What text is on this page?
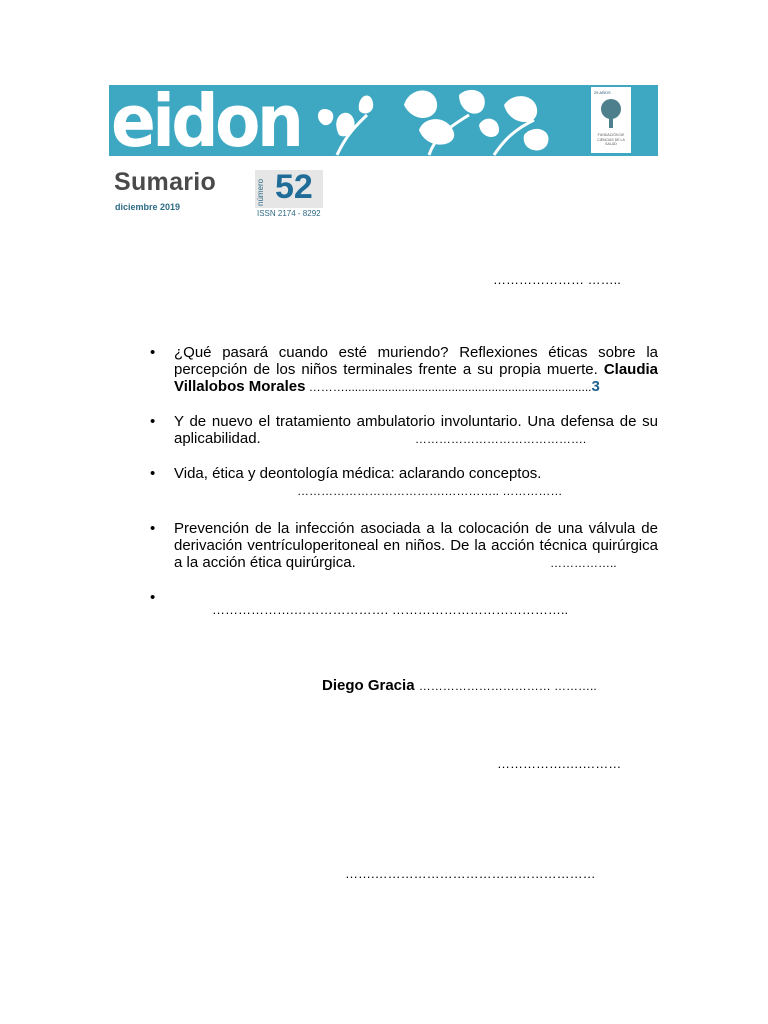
eidon	25 AÑOS
FUNDACIÓN DE CIENCIAS DE LA SALUD
Sumario
diciembre 2019
número 52
ISSN 2174 - 8292
………………… ……..
• ¿Qué pasará cuando esté muriendo? Reflexiones éticas sobre la percepción de los niños terminales frente a su propia muerte. Claudia Villalobos Morales ………..........................................................................3
• Y de nuevo el tratamiento ambulatorio involuntario. Una defensa de su aplicabilidad.	…………………………………….
• Vida, ética y deontología médica: aclarando conceptos.
……………………………….………….. ……………
• Prevención de la infección asociada a la colocación de una válvula de derivación ventrículoperitoneal en niños. De la acción técnica quirúrgica a la acción ética quirúrgica.	……………..
•
……………….…………………. …………………………………..
Diego Gracia …………………………… ………..
…………….….………
…….……………………………………………
